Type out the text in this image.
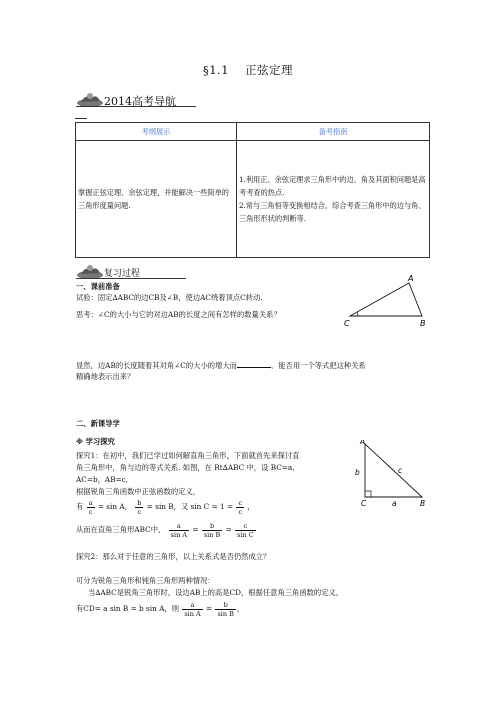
§1.1 正弦定理
2014高考导航
考纲展示	备考指南

掌握正弦定理、余弦定理，并能解决一些简单的三角形度量问题.	1.利用正、余弦定理求三角形中的边、角及其面积问题是高考考查的热点.
2.常与三角恒等变换相结合，综合考查三角形中的边与角、三角形形状的判断等.
复习过程
一、课前准备
试验：固定∆ABC的边CB及∠B，使边AC绕着顶点C转动.
思考：∠C的大小与它的对边AB的长度之间有怎样的数量关系？
A
C	B
显然，边AB的长度随着其对角∠C的大小的增大而	．能否用一个等式把这种关系
精确地表示出来？
二、新课导学
※ 学习探究
探究1：在初中，我们已学过如何解直角三角形，下面就首先来探讨直
角三角形中，角与边的等式关系. 如图，在 Rt∆ABC 中，设 BC=a,
AC=b，AB=c,
根据锐角三角函数中正弦函数的定义，
有 $\frac{a}{c} = \sin A$， $\frac{b}{c} = \sin B$，又 $\sin C = 1 = \frac{c}{c}$ ，
从而在直角三角形ABC中， $\frac{a}{\text{sin A}} = \frac{b}{\text{sin B}} = \frac{c}{\text{sin C}}$
A
b	c
C	a	B
探究2：那么对于任意的三角形，以上关系式是否仍然成立？
可分为锐角三角形和钝角三角形两种情况：
当∆ABC是锐角三角形时，设边AB上的高是CD，根据任意角三角函数的定义，
有CD= a sin B = b sin A，则 $\frac{a}{\text{sin A}} = \frac{b}{\text{sin B}}$ ，
